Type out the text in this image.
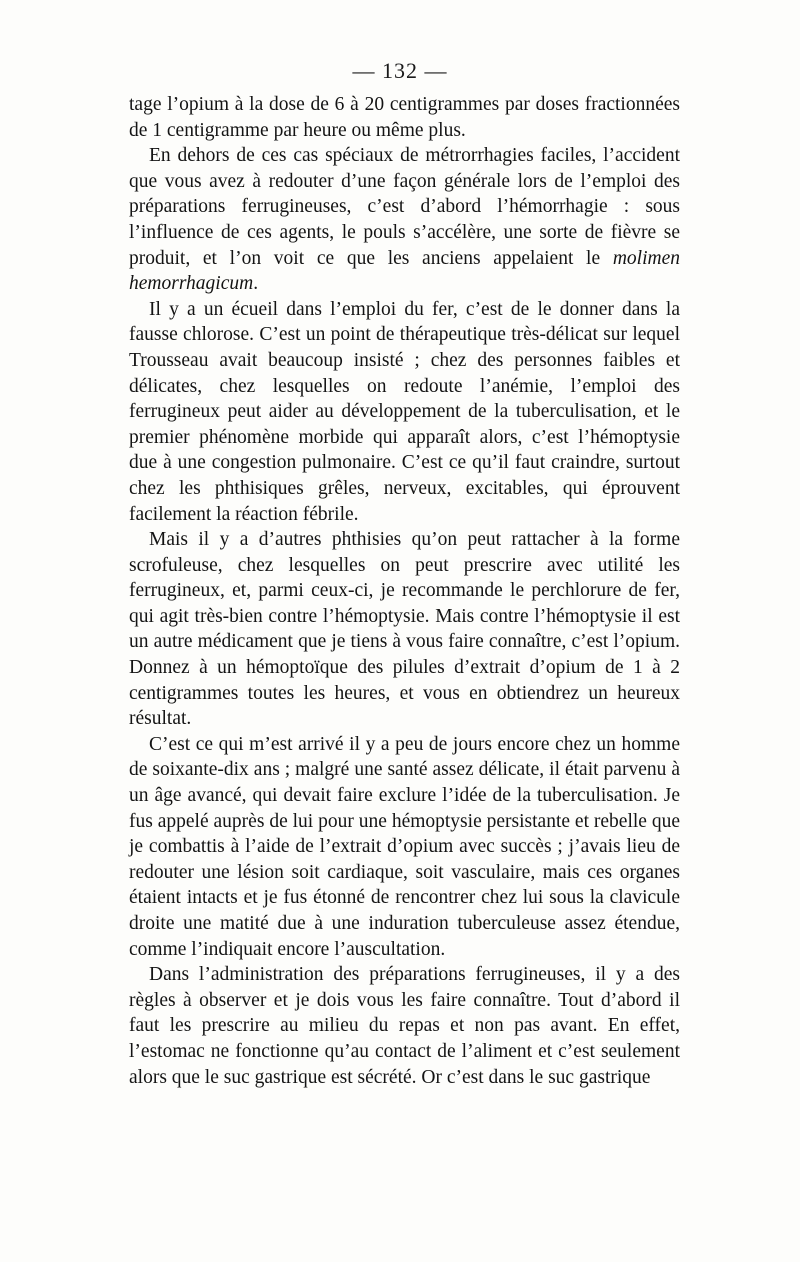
— 132 —

tage l’opium à la dose de 6 à 20 centigrammes par doses fractionnées de 1 centigramme par heure ou même plus.

En dehors de ces cas spéciaux de métrorrhagies faciles, l’accident que vous avez à redouter d’une façon générale lors de l’emploi des préparations ferrugineuses, c’est d’abord l’hémorrhagie : sous l’influence de ces agents, le pouls s’accélère, une sorte de fièvre se produit, et l’on voit ce que les anciens appelaient le molimen hemorrhagicum.

Il y a un écueil dans l’emploi du fer, c’est de le donner dans la fausse chlorose. C’est un point de thérapeutique très-délicat sur lequel Trousseau avait beaucoup insisté ; chez des personnes faibles et délicates, chez lesquelles on redoute l’anémie, l’emploi des ferrugineux peut aider au développement de la tuberculisation, et le premier phénomène morbide qui apparaît alors, c’est l’hémoptysie due à une congestion pulmonaire. C’est ce qu’il faut craindre, surtout chez les phthisiques grêles, nerveux, excitables, qui éprouvent facilement la réaction fébrile.

Mais il y a d’autres phthisies qu’on peut rattacher à la forme scrofuleuse, chez lesquelles on peut prescrire avec utilité les ferrugineux, et, parmi ceux-ci, je recommande le perchlorure de fer, qui agit très-bien contre l’hémoptysie. Mais contre l’hémoptysie il est un autre médicament que je tiens à vous faire connaître, c’est l’opium. Donnez à un hémoptoïque des pilules d’extrait d’opium de 1 à 2 centigrammes toutes les heures, et vous en obtiendrez un heureux résultat.

C’est ce qui m’est arrivé il y a peu de jours encore chez un homme de soixante-dix ans ; malgré une santé assez délicate, il était parvenu à un âge avancé, qui devait faire exclure l’idée de la tuberculisation. Je fus appelé auprès de lui pour une hémoptysie persistante et rebelle que je combattis à l’aide de l’extrait d’opium avec succès ; j’avais lieu de redouter une lésion soit cardiaque, soit vasculaire, mais ces organes étaient intacts et je fus étonné de rencontrer chez lui sous la clavicule droite une matité due à une induration tuberculeuse assez étendue, comme l’indiquait encore l’auscultation.

Dans l’administration des préparations ferrugineuses, il y a des règles à observer et je dois vous les faire connaître. Tout d’abord il faut les prescrire au milieu du repas et non pas avant. En effet, l’estomac ne fonctionne qu’au contact de l’aliment et c’est seulement alors que le suc gastrique est sécrété. Or c’est dans le suc gastrique
